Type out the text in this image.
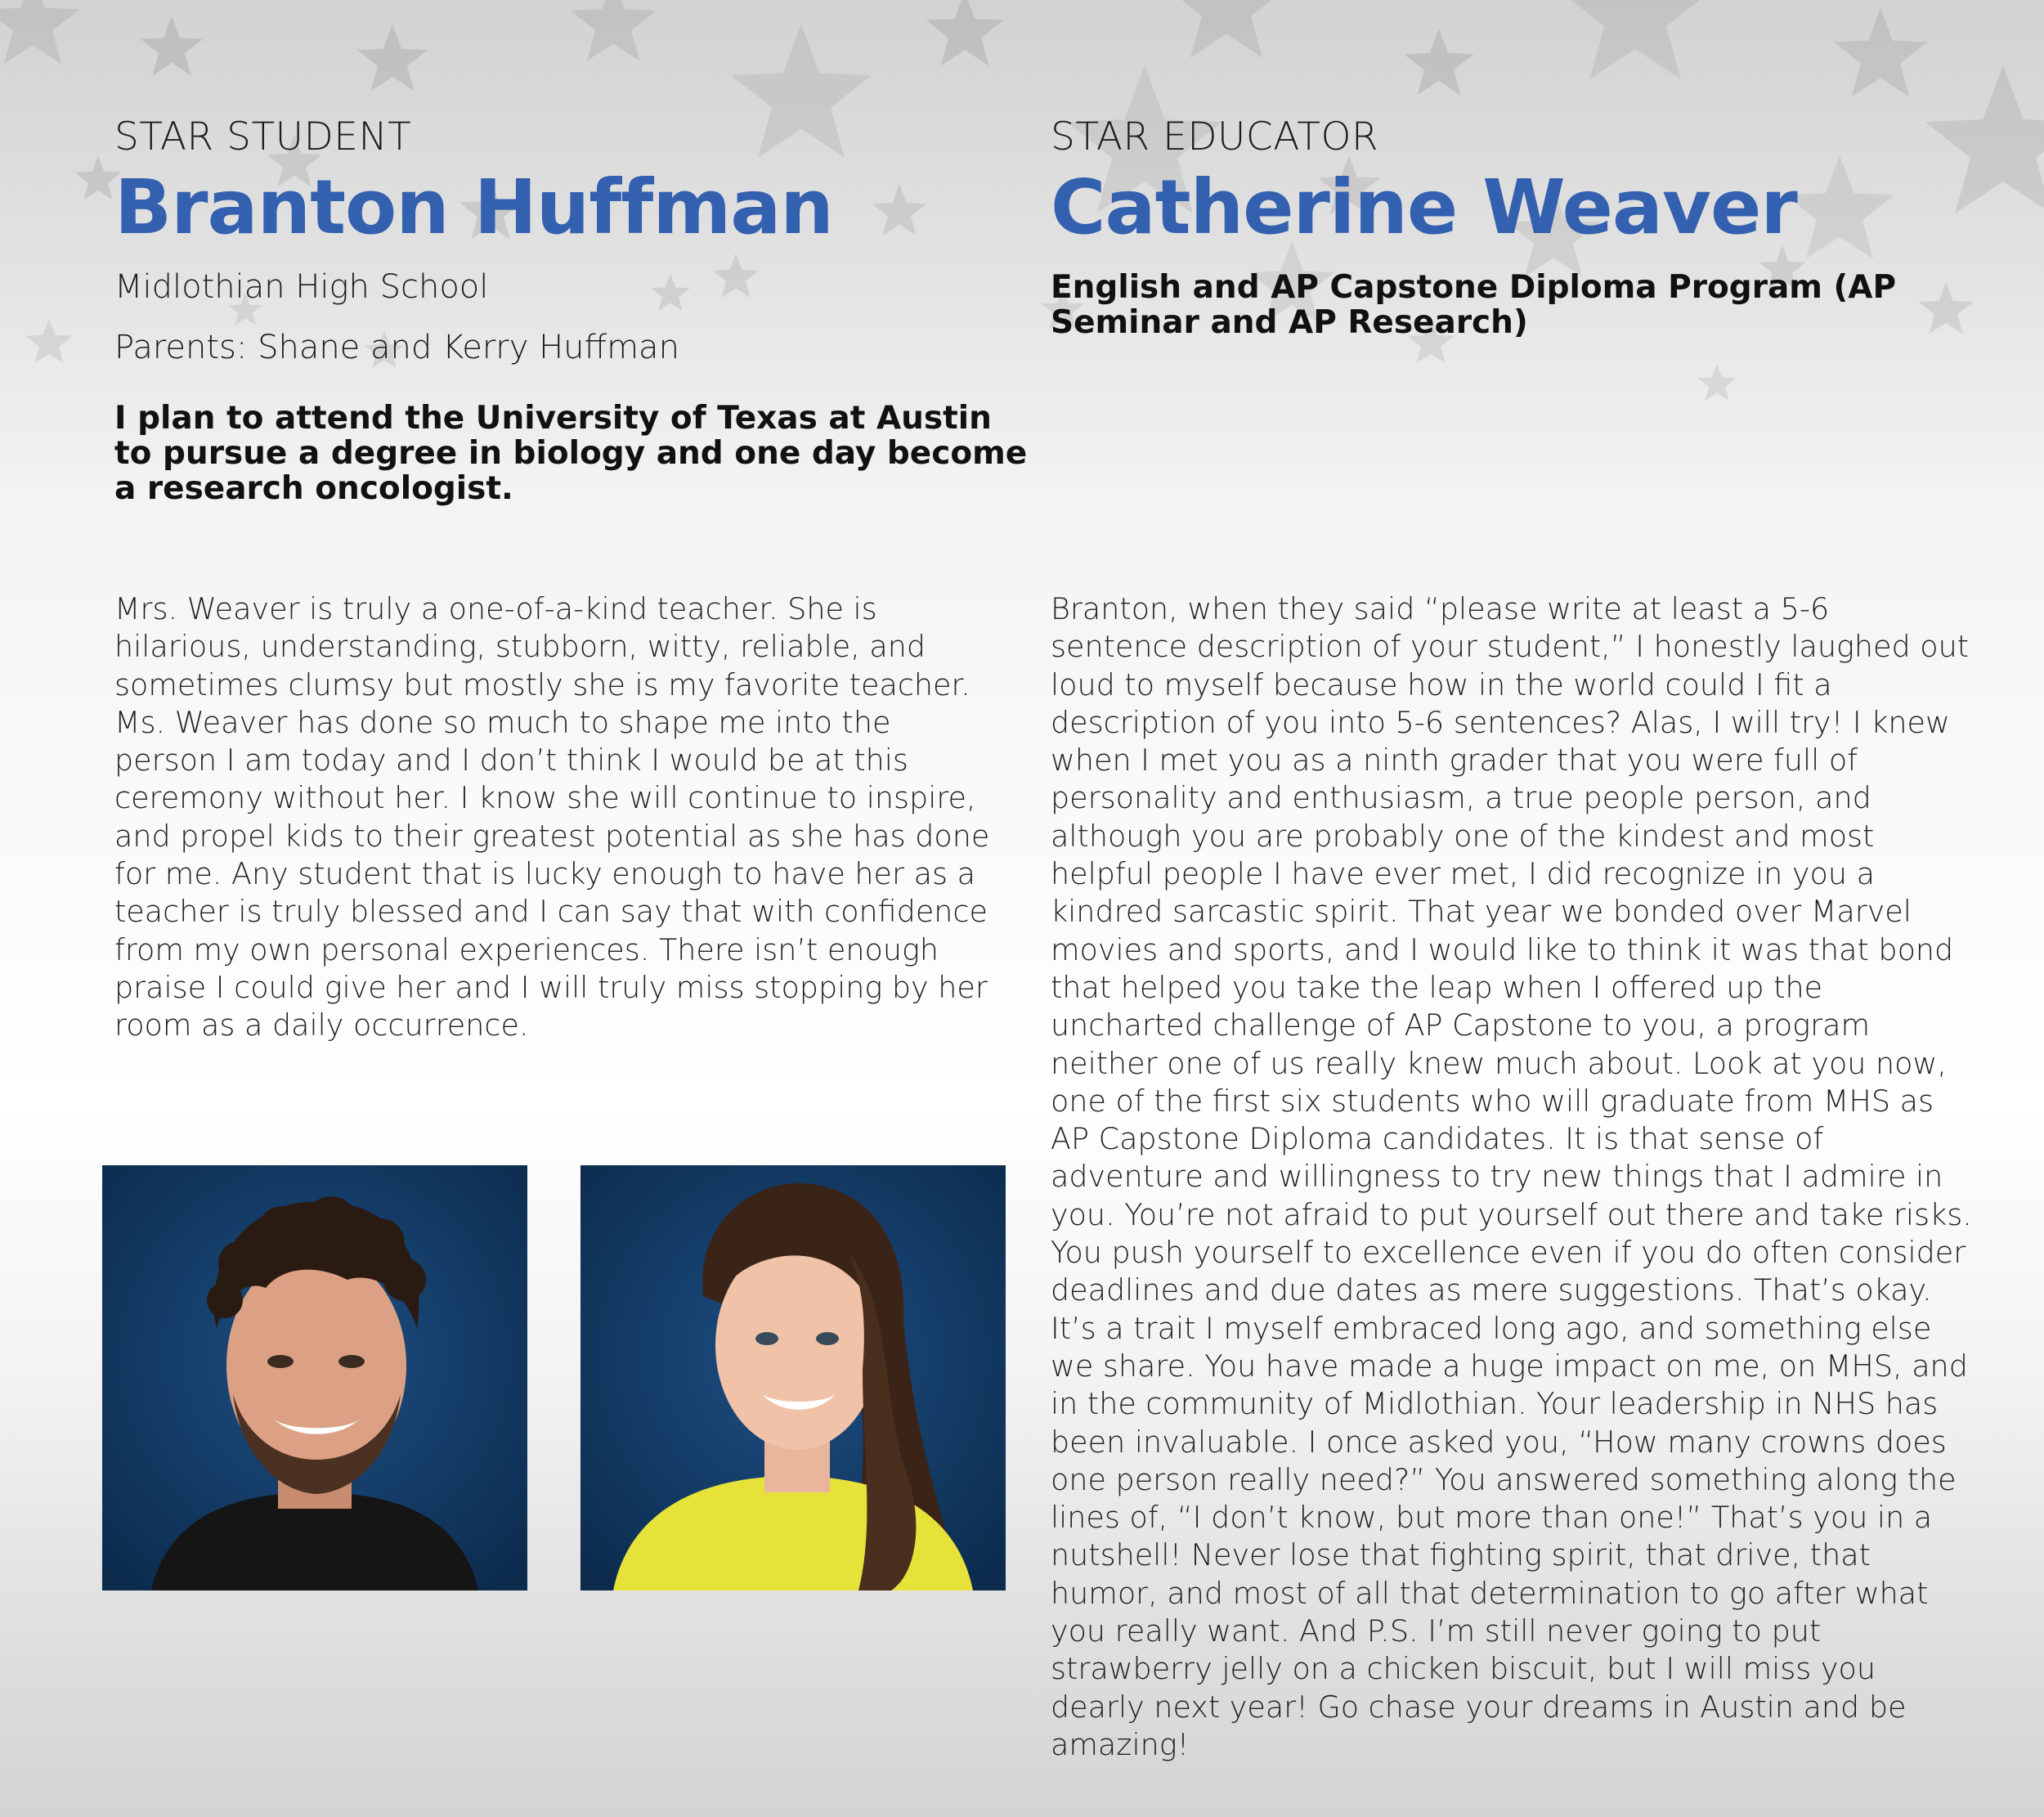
STAR STUDENT
Branton Huffman
Midlothian High School
Parents: Shane and Kerry Huffman
I plan to attend the University of Texas at Austin to pursue a degree in biology and one day become a research oncologist.
Mrs. Weaver is truly a one-of-a-kind teacher. She is hilarious, understanding, stubborn, witty, reliable, and sometimes clumsy but mostly she is my favorite teacher. Ms. Weaver has done so much to shape me into the person I am today and I don’t think I would be at this ceremony without her. I know she will continue to inspire, and propel kids to their greatest potential as she has done for me. Any student that is lucky enough to have her as a teacher is truly blessed and I can say that with confidence from my own personal experiences. There isn’t enough praise I could give her and I will truly miss stopping by her room as a daily occurrence.
STAR EDUCATOR
Catherine Weaver
English and AP Capstone Diploma Program (AP Seminar and AP Research)
Branton, when they said “please write at least a 5-6 sentence description of your student,” I honestly laughed out loud to myself because how in the world could I fit a description of you into 5-6 sentences? Alas, I will try! I knew when I met you as a ninth grader that you were full of personality and enthusiasm, a true people person, and although you are probably one of the kindest and most helpful people I have ever met, I did recognize in you a kindred sarcastic spirit. That year we bonded over Marvel movies and sports, and I would like to think it was that bond that helped you take the leap when I offered up the uncharted challenge of AP Capstone to you, a program neither one of us really knew much about. Look at you now, one of the first six students who will graduate from MHS as AP Capstone Diploma candidates. It is that sense of adventure and willingness to try new things that I admire in you. You’re not afraid to put yourself out there and take risks. You push yourself to excellence even if you do often consider deadlines and due dates as mere suggestions. That’s okay. It’s a trait I myself embraced long ago, and something else we share. You have made a huge impact on me, on MHS, and in the community of Midlothian. Your leadership in NHS has been invaluable. I once asked you, “How many crowns does one person really need?” You answered something along the lines of, “I don’t know, but more than one!” That’s you in a nutshell! Never lose that fighting spirit, that drive, that humor, and most of all that determination to go after what you really want. And P.S. I’m still never going to put strawberry jelly on a chicken biscuit, but I will miss you dearly next year! Go chase your dreams in Austin and be amazing!
